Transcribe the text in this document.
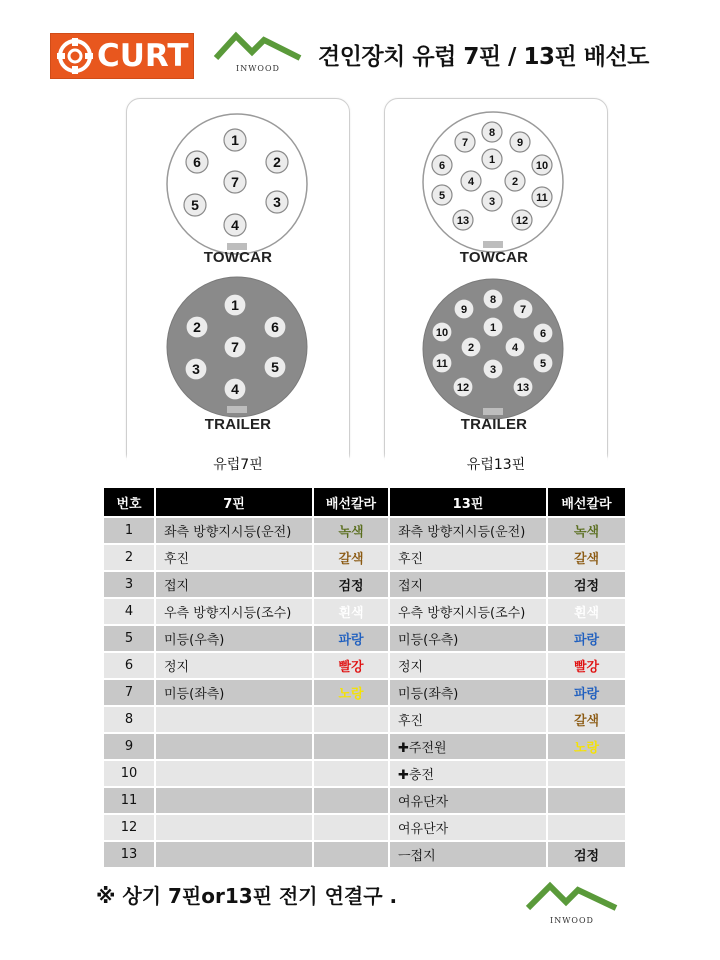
CURT	INWOOD	견인장치 유럽 7핀 / 13핀 배선도
1
2
3
4
5
6
7
1
2
3
4
5
6
7
TOWCAR
TRAILER
유럽7핀
1
2
3
4
5
6
7
8
9
10
11
12
13
1
2
3
4
5
6
7
8
9
10
11
12	13
TOWCAR
TRAILER
유럽13핀
번호	7핀	배선칼라	13핀	배선칼라
1	좌측 방향지시등(운전)	녹색	좌측 방향지시등(운전)	녹색
2	후진	갈색	후진	갈색
3	접지	검정	접지	검정
4	우측 방향지시등(조수)	흰색	우측 방향지시등(조수)	흰색
5	미등(우측)	파랑	미등(우측)	파랑
6	정지	빨강	정지	빨강
7	미등(좌측)	노랑	미등(좌측)	파랑
8			후진	갈색
9			✚주전원	노랑
10			✚충전	
11			여유단자	
12			여유단자	
13			ㅡ접지	검정
※ 상기 7핀or13핀 전기 연결구 .
INWOOD
